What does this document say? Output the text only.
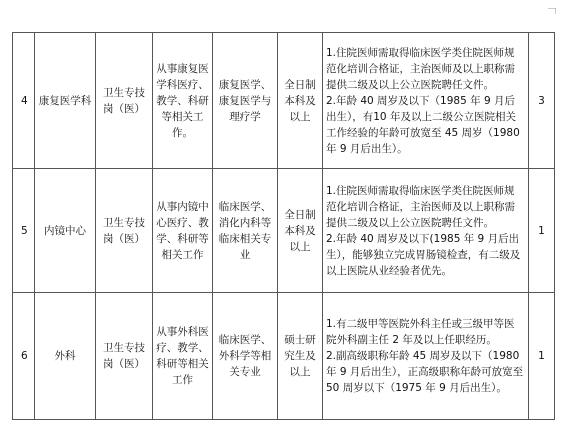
4	康复医学科	卫生专技岗（医）	从事康复医学科医疗、教学、科研等相关工作。	康复医学、康复医学与理疗学	全日制本科及以上	1.住院医师需取得临床医学类住院医师规范化培训合格证，主治医师及以上职称需提供二级及以上公立医院聘任文件。
2.年龄 40 周岁及以下（1985 年 9 月后出生），有10 年及以上二级公立医院相关工作经验的年龄可放宽至 45 周岁（1980 年 9 月后出生）。	3
5	内镜中心	卫生专技岗（医）	从事内镜中心医疗、教学、科研等相关工作	临床医学、消化内科等临床相关专业	全日制本科及以上	1.住院医师需取得临床医学类住院医师规范化培训合格证，主治医师及以上职称需提供二级及以上公立医院聘任文件。
2.年龄 40 周岁及以下(1985 年 9 月后出生），能够独立完成胃肠镜检查，有二级及以上医院从业经验者优先。	1
6	外科	卫生专技岗（医）	从事外科医疗、教学、科研等相关工作	临床医学、外科学等相关专业	硕士研究生及以上	1.有二级甲等医院外科主任或三级甲等医院外科副主任 2 年及以上任职经历。
2.副高级职称年龄 45 周岁及以下（1980 年 9 月后出生），正高级职称年龄可放宽至 50 周岁以下（1975 年 9 月后出生）。	1
